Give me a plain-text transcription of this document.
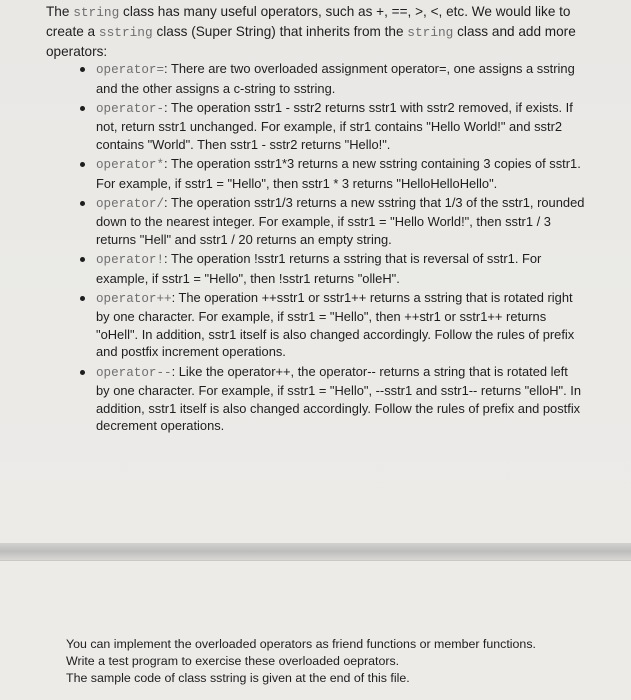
The string class has many useful operators, such as +, ==, >, <, etc. We would like to create a sstring class (Super String) that inherits from the string class and add more operators:
operator=: There are two overloaded assignment operator=, one assigns a sstring and the other assigns a c-string to sstring.
operator-: The operation sstr1 - sstr2 returns sstr1 with sstr2 removed, if exists. If not, return sstr1 unchanged. For example, if str1 contains "Hello World!" and sstr2 contains "World". Then sstr1 - sstr2 returns "Hello!".
operator*: The operation sstr1*3 returns a new sstring containing 3 copies of sstr1. For example, if sstr1 = "Hello", then sstr1 * 3 returns "HelloHelloHello".
operator/: The operation sstr1/3 returns a new sstring that 1/3 of the sstr1, rounded down to the nearest integer. For example, if sstr1 = "Hello World!", then sstr1 / 3 returns "Hell" and sstr1 / 20 returns an empty string.
operator!: The operation !sstr1 returns a sstring that is reversal of sstr1. For example, if sstr1 = "Hello", then !sstr1 returns "olleH".
operator++: The operation ++sstr1 or sstr1++ returns a sstring that is rotated right by one character. For example, if sstr1 = "Hello", then ++str1 or sstr1++ returns "oHell". In addition, sstr1 itself is also changed accordingly. Follow the rules of prefix and postfix increment operations.
operator--: Like the operator++, the operator-- returns a string that is rotated left by one character. For example, if sstr1 = "Hello", --sstr1 and sstr1-- returns "elloH". In addition, sstr1 itself is also changed accordingly. Follow the rules of prefix and postfix decrement operations.

You can implement the overloaded operators as friend functions or member functions.

Write a test program to exercise these overloaded oeprators.

The sample code of class sstring is given at the end of this file.
